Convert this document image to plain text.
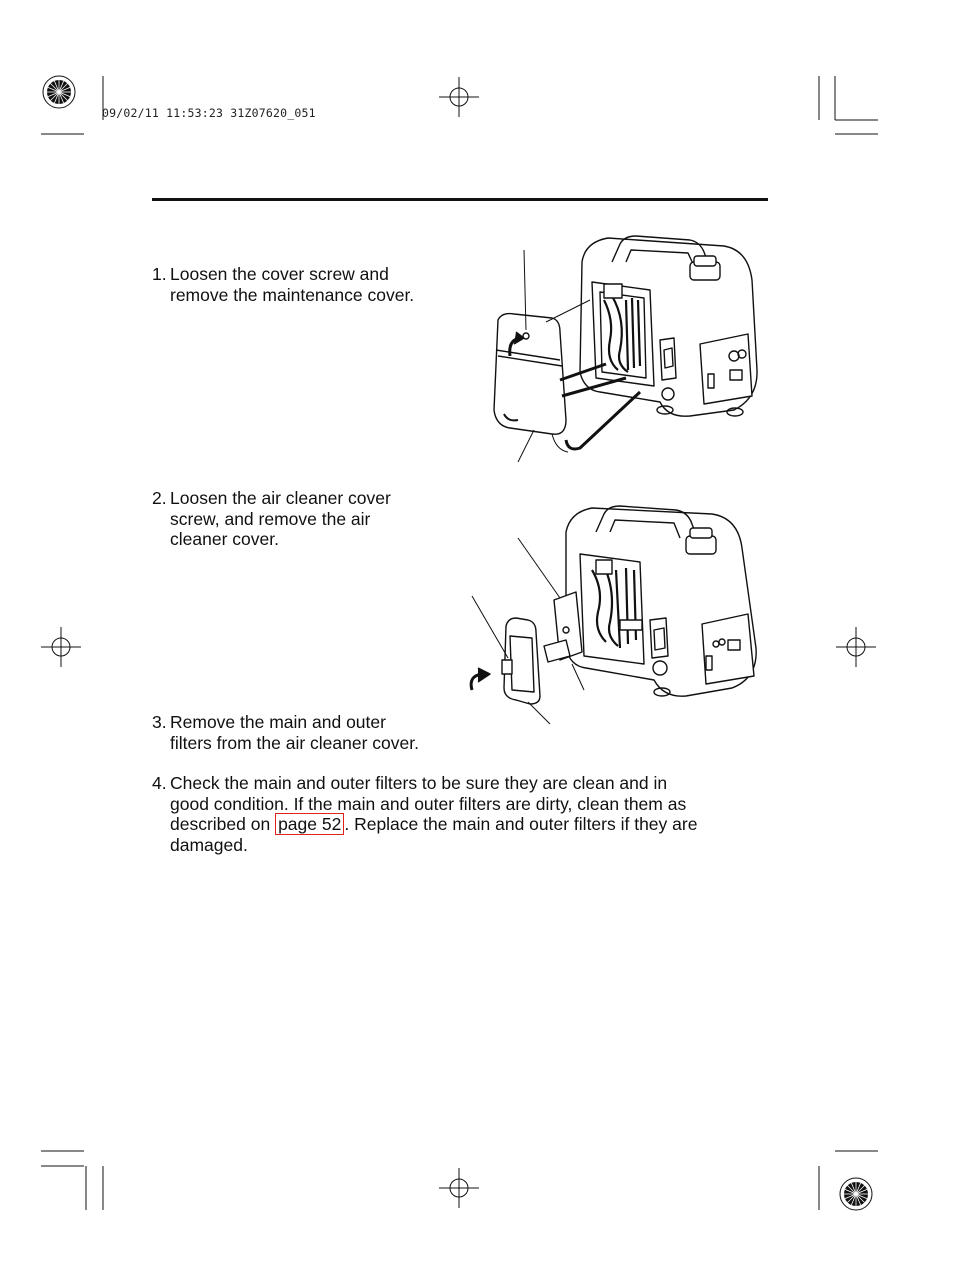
09/02/11 11:53:23 31Z07620_051
1. Loosen the cover screw and

remove the maintenance cover.

2. Loosen the air cleaner cover

screw, and remove the air

cleaner cover.

3. Remove the main and outer

filters from the air cleaner cover.

4. Check the main and outer filters to be sure they are clean and in

good condition. If the main and outer filters are dirty, clean them as

described on page 52 . Replace the main and outer filters if they are

damaged.
